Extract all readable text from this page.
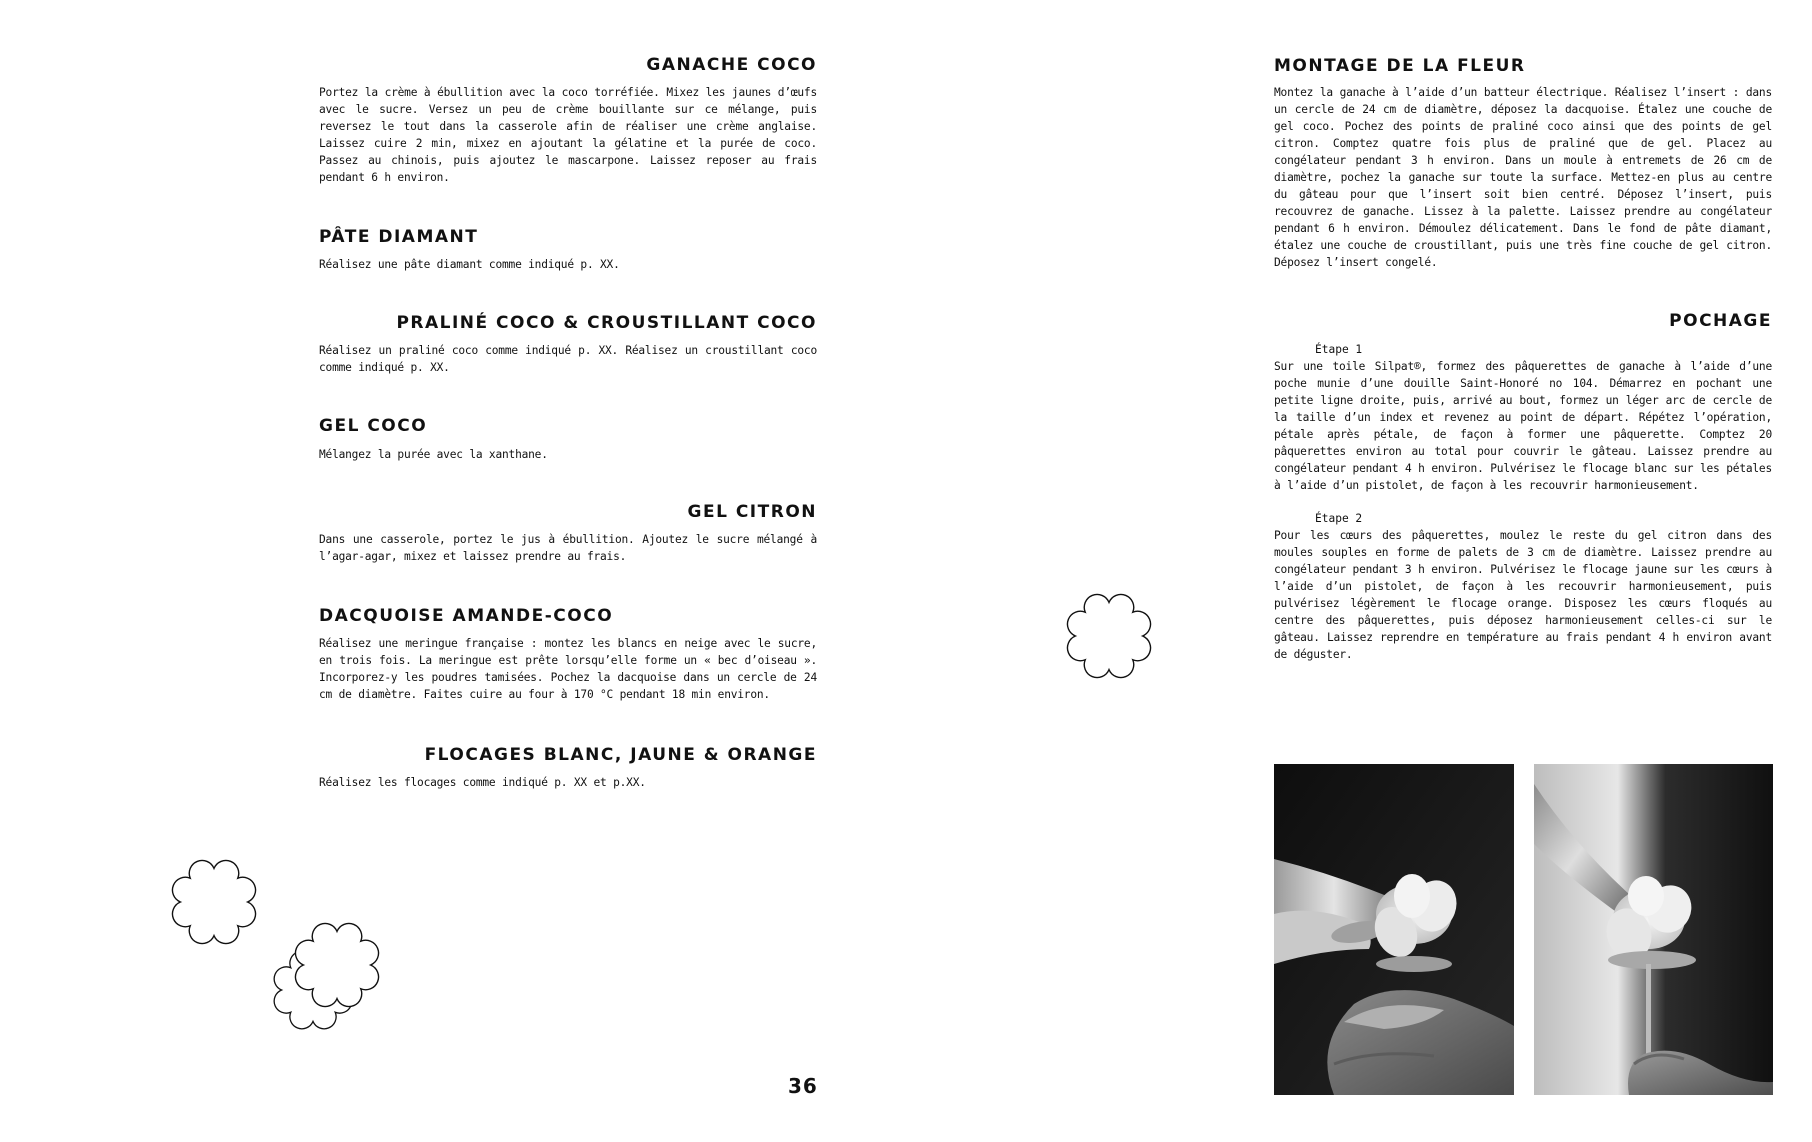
GANACHE COCO
Portez la crème à ébullition avec la coco torréfiée. Mixez les jaunes d’œufs avec le sucre. Versez un peu de crème bouillante sur ce mélange, puis reversez le tout dans la casserole afin de réaliser une crème anglaise. Laissez cuire 2 min, mixez en ajoutant la gélatine et la purée de coco. Passez au chinois, puis ajoutez le mascarpone. Laissez reposer au frais pendant 6 h environ.
PÂTE DIAMANT
Réalisez une pâte diamant comme indiqué p. XX.
PRALINÉ COCO & CROUSTILLANT COCO
Réalisez un praliné coco comme indiqué p. XX. Réalisez un croustillant coco comme indiqué p. XX.
GEL COCO
Mélangez la purée avec la xanthane.
GEL CITRON
Dans une casserole, portez le jus à ébullition. Ajoutez le sucre mélangé à l’agar-agar, mixez et laissez prendre au frais.
DACQUOISE AMANDE-COCO
Réalisez une meringue française : montez les blancs en neige avec le sucre, en trois fois. La meringue est prête lorsqu’elle forme un « bec d’oiseau ». Incorporez-y les poudres tamisées. Pochez la dacquoise dans un cercle de 24 cm de diamètre. Faites cuire au four à 170 °C pendant 18 min environ.
FLOCAGES BLANC, JAUNE & ORANGE
Réalisez les flocages comme indiqué p. XX et p.XX.
36
MONTAGE DE LA FLEUR
Montez la ganache à l’aide d’un batteur électrique. Réalisez l’insert : dans un cercle de 24 cm de diamètre, déposez la dacquoise. Étalez une couche de gel coco. Pochez des points de praliné coco ainsi que des points de gel citron. Comptez quatre fois plus de praliné que de gel. Placez au congélateur pendant 3 h environ. Dans un moule à entremets de 26 cm de diamètre, pochez la ganache sur toute la surface. Mettez-en plus au centre du gâteau pour que l’insert soit bien centré. Déposez l’insert, puis recouvrez de ganache. Lissez à la palette. Laissez prendre au congélateur pendant 6 h environ. Démoulez délicatement. Dans le fond de pâte diamant, étalez une couche de croustillant, puis une très fine couche de gel citron. Déposez l’insert congelé.
POCHAGE
Étape 1
Sur une toile Silpat®, formez des pâquerettes de ganache à l’aide d’une poche munie d’une douille Saint-Honoré no 104. Démarrez en pochant une petite ligne droite, puis, arrivé au bout, formez un léger arc de cercle de la taille d’un index et revenez au point de départ. Répétez l’opération, pétale après pétale, de façon à former une pâquerette. Comptez 20 pâquerettes environ au total pour couvrir le gâteau. Laissez prendre au congélateur pendant 4 h environ. Pulvérisez le flocage blanc sur les pétales à l’aide d’un pistolet, de façon à les recouvrir harmonieusement.
Étape 2
Pour les cœurs des pâquerettes, moulez le reste du gel citron dans des moules souples en forme de palets de 3 cm de diamètre. Laissez prendre au congélateur pendant 3 h environ. Pulvérisez le flocage jaune sur les cœurs à l’aide d’un pistolet, de façon à les recouvrir harmonieusement, puis pulvérisez légèrement le flocage orange. Disposez les cœurs floqués au centre des pâquerettes, puis déposez harmonieusement celles-ci sur le gâteau. Laissez reprendre en température au frais pendant 4 h environ avant de déguster.
